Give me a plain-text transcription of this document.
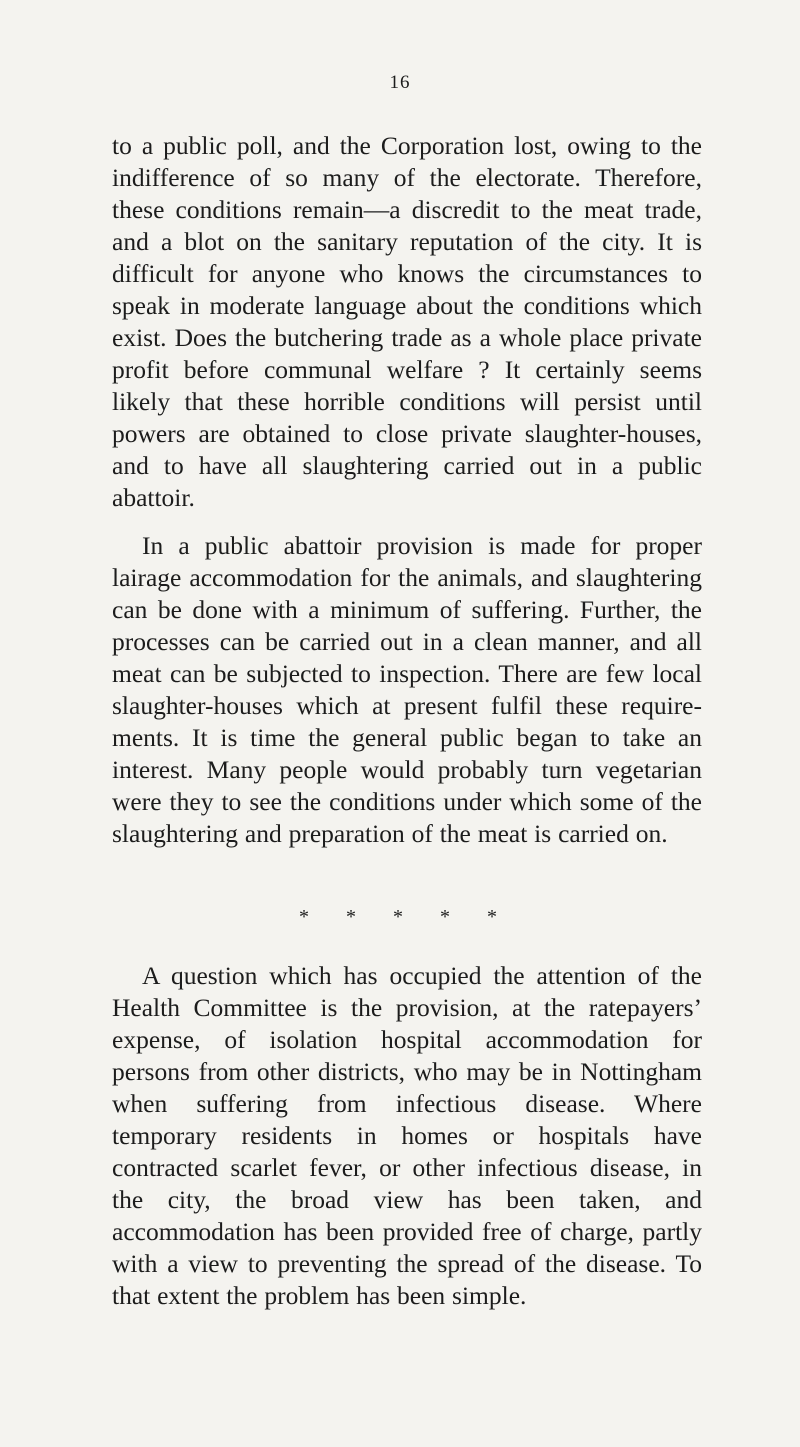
16

to a public poll, and the Corporation lost, owing to the indifference of so many of the electorate. Therefore, these conditions remain—a discredit to the meat trade, and a blot on the sanitary reputation of the city. It is difficult for anyone who knows the circumstances to speak in moderate language about the conditions which exist. Does the butchering trade as a whole place private profit before communal welfare ? It certainly seems likely that these horrible conditions will persist until powers are obtained to close private slaughter-houses, and to have all slaughtering carried out in a public abattoir.

In a public abattoir provision is made for proper lairage accommodation for the animals, and slaughtering can be done with a minimum of suffering. Further, the processes can be carried out in a clean manner, and all meat can be subjected to inspection. There are few local slaughter-houses which at present fulfil these require-ments. It is time the general public began to take an interest. Many people would probably turn vegetarian were they to see the conditions under which some of the slaughtering and preparation of the meat is carried on.

* * * * *

A question which has occupied the attention of the Health Committee is the provision, at the ratepayers’ expense, of isolation hospital accommodation for persons from other districts, who may be in Nottingham when suffering from infectious disease. Where temporary residents in homes or hospitals have contracted scarlet fever, or other infectious disease, in the city, the broad view has been taken, and accommodation has been provided free of charge, partly with a view to preventing the spread of the disease. To that extent the problem has been simple.
